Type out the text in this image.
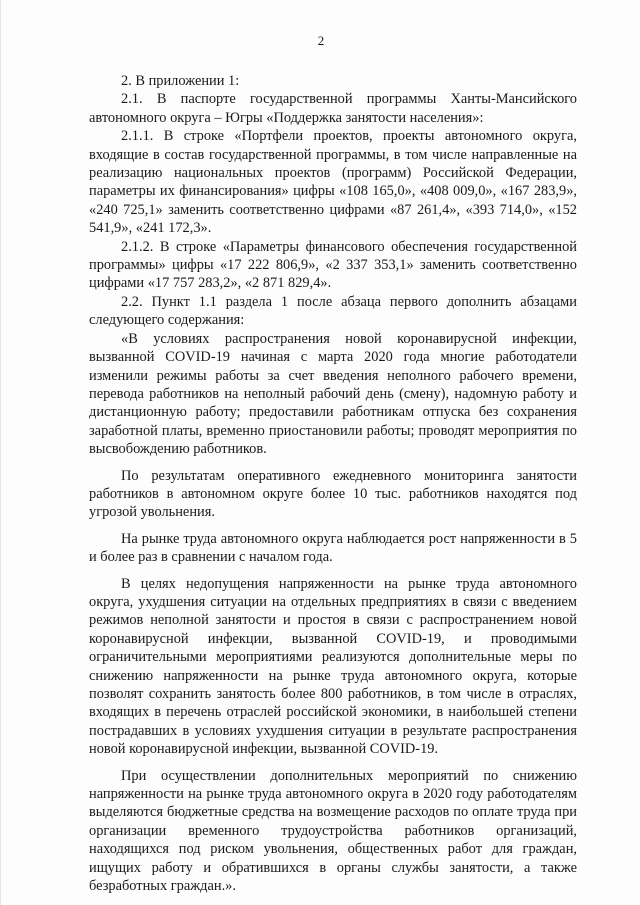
2

2. В приложении 1:

2.1. В паспорте государственной программы Ханты-Мансийского автономного округа – Югры «Поддержка занятости населения»:

2.1.1. В строке «Портфели проектов, проекты автономного округа, входящие в состав государственной программы, в том числе направленные на реализацию национальных проектов (программ) Российской Федерации, параметры их финансирования» цифры «108 165,0», «408 009,0», «167 283,9», «240 725,1» заменить соответственно цифрами «87 261,4», «393 714,0», «152 541,9», «241 172,3».

2.1.2. В строке «Параметры финансового обеспечения государственной программы» цифры «17 222 806,9», «2 337 353,1» заменить соответственно цифрами «17 757 283,2», «2 871 829,4».

2.2. Пункт 1.1 раздела 1 после абзаца первого дополнить абзацами следующего содержания:

«В условиях распространения новой коронавирусной инфекции, вызванной COVID-19 начиная с марта 2020 года многие работодатели изменили режимы работы за счет введения неполного рабочего времени, перевода работников на неполный рабочий день (смену), надомную работу и дистанционную работу; предоставили работникам отпуска без сохранения заработной платы, временно приостановили работы; проводят мероприятия по высвобождению работников.

По результатам оперативного ежедневного мониторинга занятости работников в автономном округе более 10 тыс. работников находятся под угрозой увольнения.

На рынке труда автономного округа наблюдается рост напряженности в 5 и более раз в сравнении с началом года.

В целях недопущения напряженности на рынке труда автономного округа, ухудшения ситуации на отдельных предприятиях в связи с введением режимов неполной занятости и простоя в связи с распространением новой коронавирусной инфекции, вызванной COVID-19, и проводимыми ограничительными мероприятиями реализуются дополнительные меры по снижению напряженности на рынке труда автономного округа, которые позволят сохранить занятость более 800 работников, в том числе в отраслях, входящих в перечень отраслей российской экономики, в наибольшей степени пострадавших в условиях ухудшения ситуации в результате распространения новой коронавирусной инфекции, вызванной COVID-19.

При осуществлении дополнительных мероприятий по снижению напряженности на рынке труда автономного округа в 2020 году работодателям выделяются бюджетные средства на возмещение расходов по оплате труда при организации временного трудоустройства работников организаций, находящихся под риском увольнения, общественных работ для граждан, ищущих работу и обратившихся в органы службы занятости, а также безработных граждан.».
